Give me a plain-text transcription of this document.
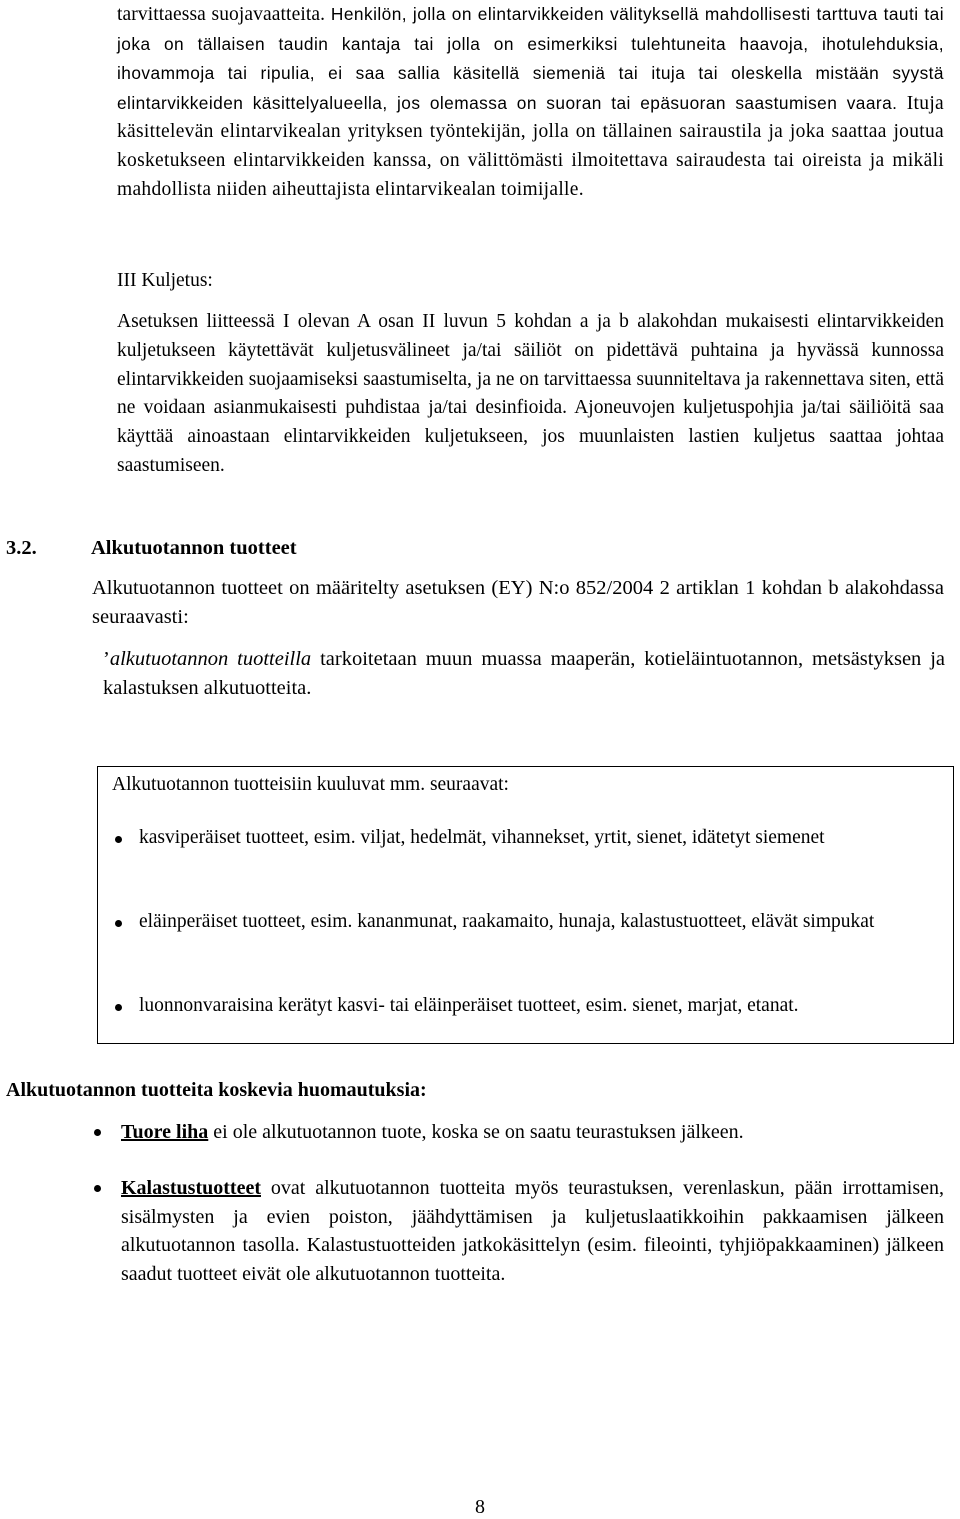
tarvittaessa suojavaatteita. Henkilön, jolla on elintarvikkeiden välityksellä mahdollisesti tarttuva tauti tai joka on tällaisen taudin kantaja tai jolla on esimerkiksi tulehtuneita haavoja, ihotulehduksia, ihovammoja tai ripulia, ei saa sallia käsitellä siemeniä tai ituja tai oleskella mistään syystä elintarvikkeiden käsittelyalueella, jos olemassa on suoran tai epäsuoran saastumisen vaara. Ituja käsittelevän elintarvikealan yrityksen työntekijän, jolla on tällainen sairaustila ja joka saattaa joutua kosketukseen elintarvikkeiden kanssa, on välittömästi ilmoitettava sairaudesta tai oireista ja mikäli mahdollista niiden aiheuttajista elintarvikealan toimijalle.
III Kuljetus:
Asetuksen liitteessä I olevan A osan II luvun 5 kohdan a ja b alakohdan mukaisesti elintarvikkeiden kuljetukseen käytettävät kuljetusvälineet ja/tai säiliöt on pidettävä puhtaina ja hyvässä kunnossa elintarvikkeiden suojaamiseksi saastumiselta, ja ne on tarvittaessa suunniteltava ja rakennettava siten, että ne voidaan asianmukaisesti puhdistaa ja/tai desinfioida. Ajoneuvojen kuljetuspohjia ja/tai säiliöitä saa käyttää ainoastaan elintarvikkeiden kuljetukseen, jos muunlaisten lastien kuljetus saattaa johtaa saastumiseen.
3.2.	Alkutuotannon tuotteet
Alkutuotannon tuotteet on määritelty asetuksen (EY) N:o 852/2004 2 artiklan 1 kohdan b alakohdassa seuraavasti:
’alkutuotannon tuotteilla tarkoitetaan muun muassa maaperän, kotieläintuotannon, metsästyksen ja kalastuksen alkutuotteita.
Alkutuotannon tuotteisiin kuuluvat mm. seuraavat:
kasviperäiset tuotteet, esim. viljat, hedelmät, vihannekset, yrtit, sienet, idätetyt siemenet
eläinperäiset tuotteet, esim. kananmunat, raakamaito, hunaja, kalastustuotteet, elävät simpukat
luonnonvaraisina kerätyt kasvi- tai eläinperäiset tuotteet, esim. sienet, marjat, etanat.
Alkutuotannon tuotteita koskevia huomautuksia:
Tuore liha ei ole alkutuotannon tuote, koska se on saatu teurastuksen jälkeen.
Kalastustuotteet ovat alkutuotannon tuotteita myös teurastuksen, verenlaskun, pään irrottamisen, sisälmysten ja evien poiston, jäähdyttämisen ja kuljetuslaatikkoihin pakkaamisen jälkeen alkutuotannon tasolla. Kalastustuotteiden jatkokäsittelyn (esim. fileointi, tyhjiöpakkaaminen) jälkeen saadut tuotteet eivät ole alkutuotannon tuotteita.
8
